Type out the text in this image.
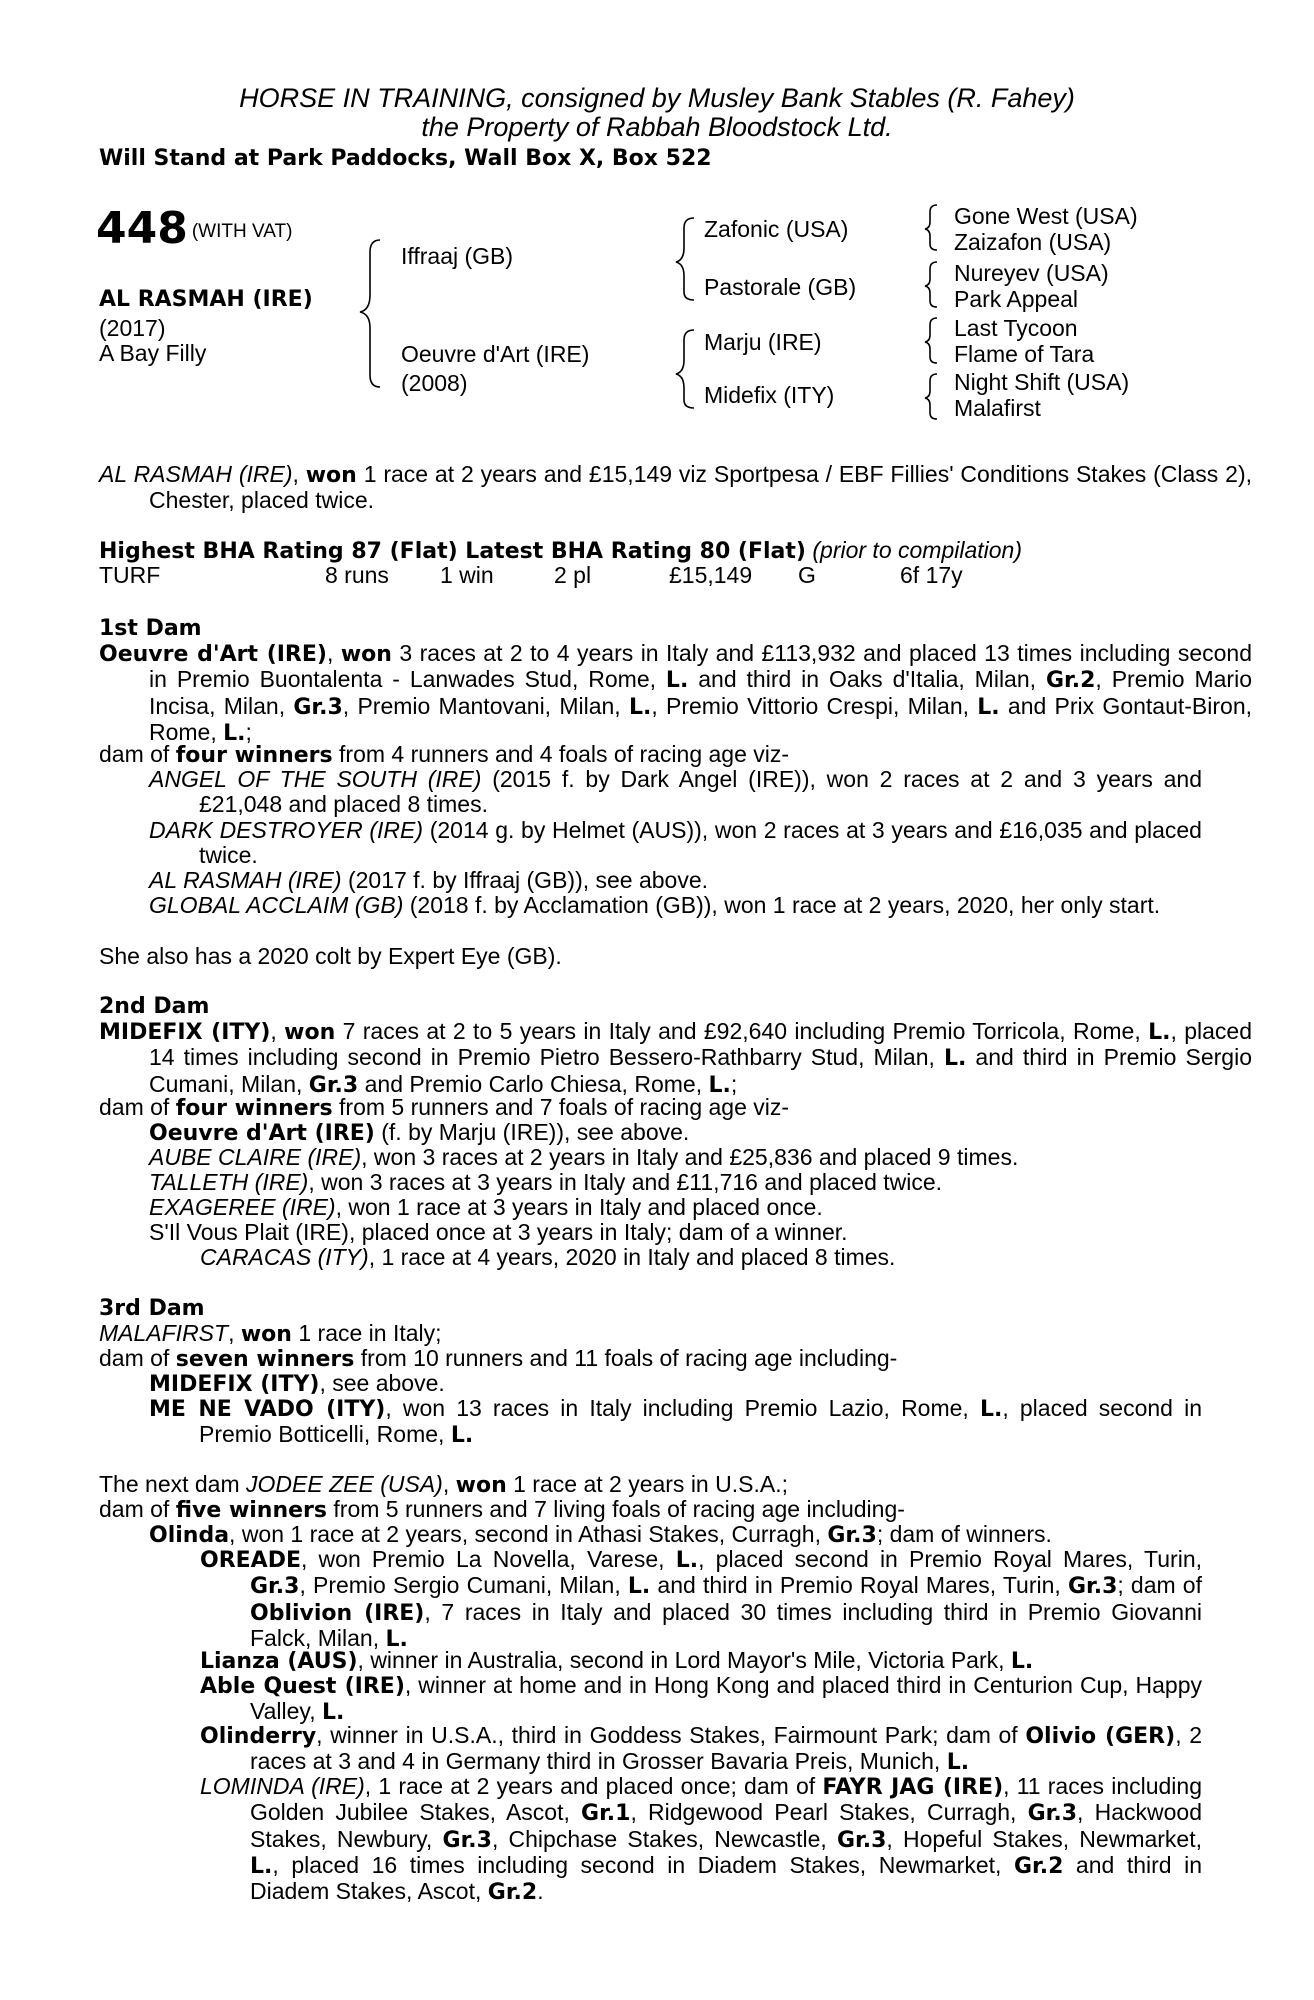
HORSE IN TRAINING, consigned by Musley Bank Stables (R. Fahey)
the Property of Rabbah Bloodstock Ltd.
Will Stand at Park Paddocks, Wall Box X, Box 522
448 $^{(WITH VAT)}$
AL RASMAH (IRE)
(2017)
A Bay Filly
Iffraaj (GB)
Oeuvre d'Art (IRE)
(2008)
Zafonic (USA)
Pastorale (GB)
Marju (IRE)
Midefix (ITY)
Gone West (USA)
Zaizafon (USA)
Nureyev (USA)
Park Appeal
Last Tycoon
Flame of Tara
Night Shift (USA)
Malafirst
AL RASMAH (IRE), won 1 race at 2 years and £15,149 viz Sportpesa / EBF Fillies' Conditions Stakes (Class 2), Chester, placed twice.
Highest BHA Rating 87 (Flat) Latest BHA Rating 80 (Flat) (prior to compilation)
TURF	8 runs 1 win	2 pl	£15,149 G	6f 17y
1st Dam
Oeuvre d'Art (IRE), won 3 races at 2 to 4 years in Italy and £113,932 and placed 13 times including second in Premio Buontalenta - Lanwades Stud, Rome, L. and third in Oaks d'Italia, Milan, Gr.2, Premio Mario Incisa, Milan, Gr.3, Premio Mantovani, Milan, L., Premio Vittorio Crespi, Milan, L. and Prix Gontaut-Biron, Rome, L.;
dam of four winners from 4 runners and 4 foals of racing age viz-
ANGEL OF THE SOUTH (IRE) (2015 f. by Dark Angel (IRE)), won 2 races at 2 and 3 years and £21,048 and placed 8 times.
DARK DESTROYER (IRE) (2014 g. by Helmet (AUS)), won 2 races at 3 years and £16,035 and placed twice.
AL RASMAH (IRE) (2017 f. by Iffraaj (GB)), see above.
GLOBAL ACCLAIM (GB) (2018 f. by Acclamation (GB)), won 1 race at 2 years, 2020, her only start.
She also has a 2020 colt by Expert Eye (GB).
2nd Dam
MIDEFIX (ITY), won 7 races at 2 to 5 years in Italy and £92,640 including Premio Torricola, Rome, L., placed 14 times including second in Premio Pietro Bessero-Rathbarry Stud, Milan, L. and third in Premio Sergio Cumani, Milan, Gr.3 and Premio Carlo Chiesa, Rome, L.;
dam of four winners from 5 runners and 7 foals of racing age viz-
Oeuvre d'Art (IRE) (f. by Marju (IRE)), see above.
AUBE CLAIRE (IRE), won 3 races at 2 years in Italy and £25,836 and placed 9 times.
TALLETH (IRE), won 3 races at 3 years in Italy and £11,716 and placed twice.
EXAGEREE (IRE), won 1 race at 3 years in Italy and placed once.
S'Il Vous Plait (IRE), placed once at 3 years in Italy; dam of a winner.
CARACAS (ITY), 1 race at 4 years, 2020 in Italy and placed 8 times.
3rd Dam
MALAFIRST, won 1 race in Italy;
dam of seven winners from 10 runners and 11 foals of racing age including-
MIDEFIX (ITY), see above.
ME NE VADO (ITY), won 13 races in Italy including Premio Lazio, Rome, L., placed second in Premio Botticelli, Rome, L.
The next dam JODEE ZEE (USA), won 1 race at 2 years in U.S.A.;
dam of five winners from 5 runners and 7 living foals of racing age including-
Olinda, won 1 race at 2 years, second in Athasi Stakes, Curragh, Gr.3; dam of winners.
OREADE, won Premio La Novella, Varese, L., placed second in Premio Royal Mares, Turin, Gr.3, Premio Sergio Cumani, Milan, L. and third in Premio Royal Mares, Turin, Gr.3; dam of Oblivion (IRE), 7 races in Italy and placed 30 times including third in Premio Giovanni Falck, Milan, L.
Lianza (AUS), winner in Australia, second in Lord Mayor's Mile, Victoria Park, L.
Able Quest (IRE), winner at home and in Hong Kong and placed third in Centurion Cup, Happy Valley, L.
Olinderry, winner in U.S.A., third in Goddess Stakes, Fairmount Park; dam of Olivio (GER), 2 races at 3 and 4 in Germany third in Grosser Bavaria Preis, Munich, L.
LOMINDA (IRE), 1 race at 2 years and placed once; dam of FAYR JAG (IRE), 11 races including Golden Jubilee Stakes, Ascot, Gr.1, Ridgewood Pearl Stakes, Curragh, Gr.3, Hackwood Stakes, Newbury, Gr.3, Chipchase Stakes, Newcastle, Gr.3, Hopeful Stakes, Newmarket, L., placed 16 times including second in Diadem Stakes, Newmarket, Gr.2 and third in Diadem Stakes, Ascot, Gr.2.
